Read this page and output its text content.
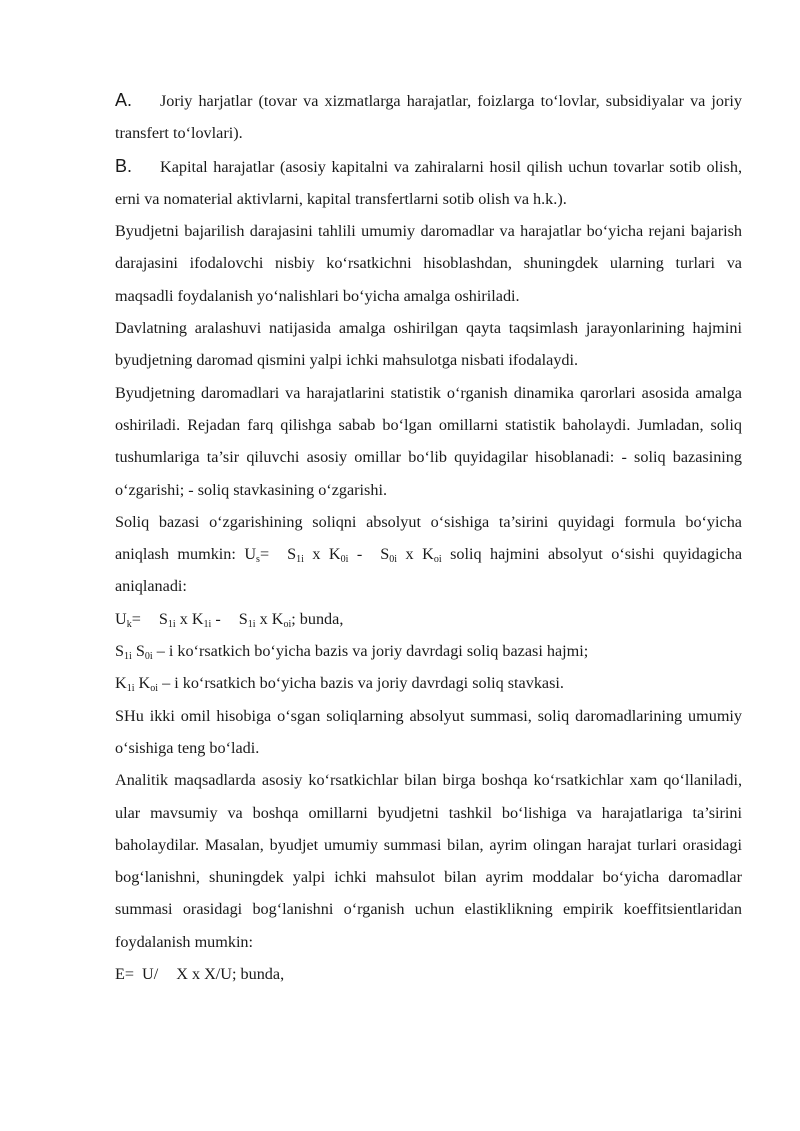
A. Joriy harjatlar (tovar va xizmatlarga harajatlar, foizlarga to‘lovlar, subsidiyalar va joriy transfert to‘lovlari).

B. Kapital harajatlar (asosiy kapitalni va zahiralarni hosil qilish uchun tovarlar sotib olish, erni va nomaterial aktivlarni, kapital transfertlarni sotib olish va h.k.).

Byudjetni bajarilish darajasini tahlili umumiy daromadlar va harajatlar bo‘yicha rejani bajarish darajasini ifodalovchi nisbiy ko‘rsatkichni hisoblashdan, shuningdek ularning turlari va maqsadli foydalanish yo‘nalishlari bo‘yicha amalga oshiriladi.

Davlatning aralashuvi natijasida amalga oshirilgan qayta taqsimlash jarayonlarining hajmini byudjetning daromad qismini yalpi ichki mahsulotga nisbati ifodalaydi.

Byudjetning daromadlari va harajatlarini statistik o‘rganish dinamika qarorlari asosida amalga oshiriladi. Rejadan farq qilishga sabab bo‘lgan omillarni statistik baholaydi. Jumladan, soliq tushumlariga ta’sir qiluvchi asosiy omillar bo‘lib quyidagilar hisoblanadi: - soliq bazasining o‘zgarishi; - soliq stavkasining o‘zgarishi.

Soliq bazasi o‘zgarishining soliqni absolyut o‘sishiga ta’sirini quyidagi formula bo‘yicha aniqlash mumkin: $U_s= S_{1i}$ x $K_{0i} - S_{0i}$ x $K_{oi}$ soliq hajmini absolyut o‘sishi quyidagicha aniqlanadi:

$U_k= S_{1i}$ x $K_{1i} - S_{1i}$ x $K_{oi}$; bunda,

$S_{1i}$ $S_{0i}$ – i ko‘rsatkich bo‘yicha bazis va joriy davrdagi soliq bazasi hajmi;

$K_{1i}$ $K_{oi}$ – i ko‘rsatkich bo‘yicha bazis va joriy davrdagi soliq stavkasi.

SHu ikki omil hisobiga o‘sgan soliqlarning absolyut summasi, soliq daromadlarining umumiy o‘sishiga teng bo‘ladi.

Analitik maqsadlarda asosiy ko‘rsatkichlar bilan birga boshqa ko‘rsatkichlar xam qo‘llaniladi, ular mavsumiy va boshqa omillarni byudjetni tashkil bo‘lishiga va harajatlariga ta’sirini baholaydilar. Masalan, byudjet umumiy summasi bilan, ayrim olingan harajat turlari orasidagi bog‘lanishni, shuningdek yalpi ichki mahsulot bilan ayrim moddalar bo‘yicha daromadlar summasi orasidagi bog‘lanishni o‘rganish uchun elastiklikning empirik koeffitsientlaridan foydalanish mumkin:

E= U/ X x X/U; bunda,
